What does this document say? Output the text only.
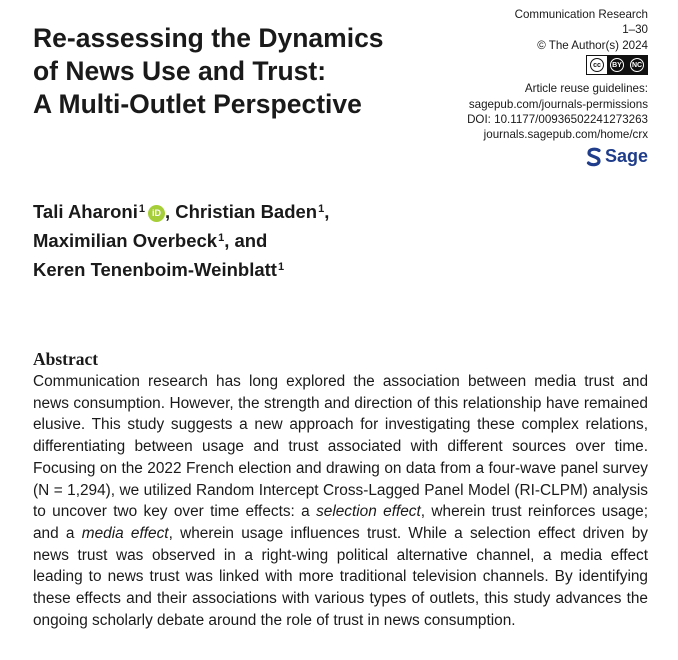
Re-assessing the Dynamics
of News Use and Trust:
A Multi-Outlet Perspective
Communication Research
1–30
© The Author(s) 2024
cc	BY	NC
Article reuse guidelines:
sagepub.com/journals-permissions
DOI: 10.1177/00936502241273263
journals.sagepub.com/home/crx
Sage
Tali Aharoni$^1$ iD , Christian Baden$^1$,
Maximilian Overbeck$^1$, and
Keren Tenenboim-Weinblatt$^1$
Abstract

Communication research has long explored the association between media trust and news consumption. However, the strength and direction of this relationship have remained elusive. This study suggests a new approach for investigating these complex relations, differentiating between usage and trust associated with different sources over time. Focusing on the 2022 French election and drawing on data from a four-wave panel survey (N = 1,294), we utilized Random Intercept Cross-Lagged Panel Model (RI-CLPM) analysis to uncover two key over time effects: a selection effect, wherein trust reinforces usage; and a media effect, wherein usage influences trust. While a selection effect driven by news trust was observed in a right-wing political alternative channel, a media effect leading to news trust was linked with more traditional television channels. By identifying these effects and their associations with various types of outlets, this study advances the ongoing scholarly debate around the role of trust in news consumption.
